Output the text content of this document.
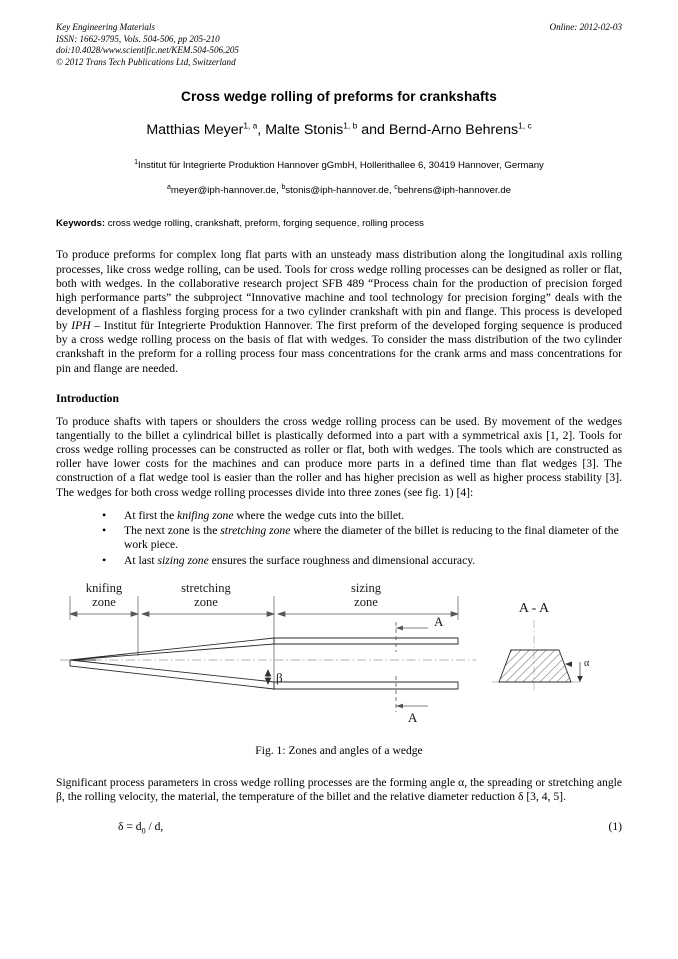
Key Engineering Materials
ISSN: 1662-9795, Vols. 504-506, pp 205-210
doi:10.4028/www.scientific.net/KEM.504-506.205
© 2012 Trans Tech Publications Ltd, Switzerland
Online: 2012-02-03
Cross wedge rolling of preforms for crankshafts
Matthias Meyer$^{1, a}$, Malte Stonis$^{1, b}$ and Bernd-Arno Behrens$^{1, c}$
$^1$Institut für Integrierte Produktion Hannover gGmbH, Hollerithallee 6, 30419 Hannover, Germany
$^a$meyer@iph-hannover.de, $^b$stonis@iph-hannover.de, $^c$behrens@iph-hannover.de
Keywords: cross wedge rolling, crankshaft, preform, forging sequence, rolling process
To produce preforms for complex long flat parts with an unsteady mass distribution along the longitudinal axis rolling processes, like cross wedge rolling, can be used. Tools for cross wedge rolling processes can be designed as roller or flat, both with wedges. In the collaborative research project SFB 489 “Process chain for the production of precision forged high performance parts” the subproject “Innovative machine and tool technology for precision forging” deals with the development of a flashless forging process for a two cylinder crankshaft with pin and flange. This process is developed by IPH – Institut für Integrierte Produktion Hannover. The first preform of the developed forging sequence is produced by a cross wedge rolling process on the basis of flat with wedges. To consider the mass distribution of the two cylinder crankshaft in the preform for a rolling process four mass concentrations for the crank arms and mass concentrations for pin and flange are needed.
Introduction
To produce shafts with tapers or shoulders the cross wedge rolling process can be used. By movement of the wedges tangentially to the billet a cylindrical billet is plastically deformed into a part with a symmetrical axis [1, 2]. Tools for cross wedge rolling processes can be constructed as roller or flat, both with wedges. The tools which are constructed as roller have lower costs for the machines and can produce more parts in a defined time than flat wedges [3]. The construction of a flat wedge tool is easier than the roller and has higher precision as well as higher process stability [3]. The wedges for both cross wedge rolling processes divide into three zones (see fig. 1) [4]:
• At first the knifing zone where the wedge cuts into the billet.
• The next zone is the stretching zone where the diameter of the billet is reducing to the final diameter of the work piece.
• At last sizing zone ensures the surface roughness and dimensional accuracy.
knifing
zone
stretching
zone
sizing
zone
β
A
A
A - A
α
Fig. 1: Zones and angles of a wedge
Significant process parameters in cross wedge rolling processes are the forming angle α, the spreading or stretching angle β, the rolling velocity, the material, the temperature of the billet and the relative diameter reduction δ [3, 4, 5].
$\delta = d_0 / d$,	(1)
